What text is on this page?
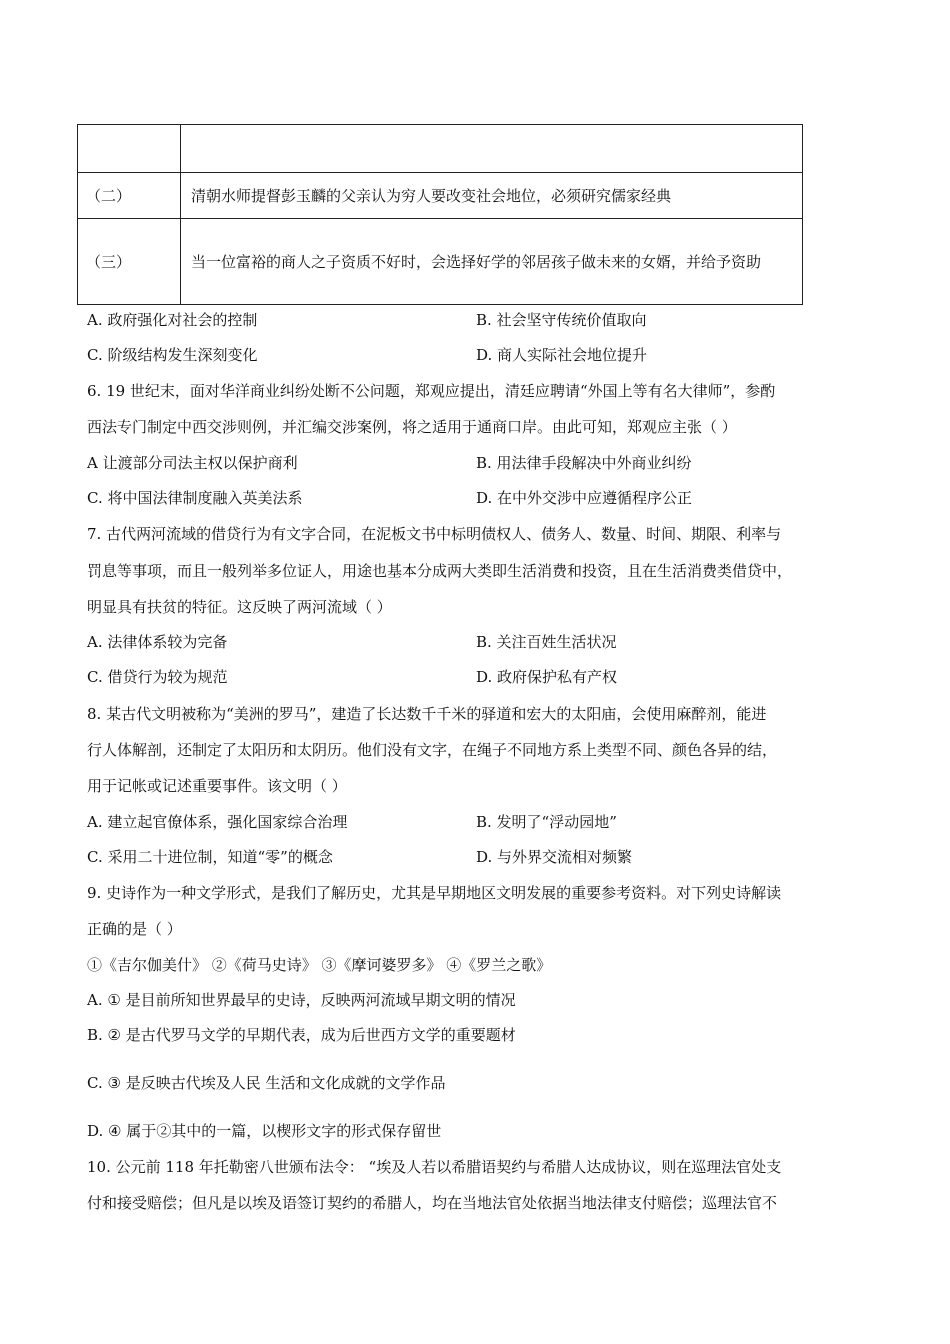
（二）	清朝水师提督彭玉麟的父亲认为穷人要改变社会地位，必须研究儒家经典
（三）	当一位富裕的商人之子资质不好时，会选择好学的邻居孩子做未来的女婿，并给予资助
A. 政府强化对社会的控制	B. 社会坚守传统价值取向
C. 阶级结构发生深刻变化	D. 商人实际社会地位提升
6. 19 世纪末，面对华洋商业纠纷处断不公问题，郑观应提出，清廷应聘请“外国上等有名大律师”，参酌
西法专门制定中西交涉则例，并汇编交涉案例，将之适用于通商口岸。由此可知，郑观应主张（ ）
A 让渡部分司法主权以保护商利	B. 用法律手段解决中外商业纠纷
C. 将中国法律制度融入英美法系	D. 在中外交涉中应遵循程序公正
7. 古代两河流域的借贷行为有文字合同，在泥板文书中标明债权人、债务人、数量、时间、期限、利率与
罚息等事项，而且一般列举多位证人，用途也基本分成两大类即生活消费和投资，且在生活消费类借贷中，
明显具有扶贫的特征。这反映了两河流域（ ）
A. 法律体系较为完备	B. 关注百姓生活状况
C. 借贷行为较为规范	D. 政府保护私有产权
8. 某古代文明被称为“美洲的罗马”，建造了长达数千千米的驿道和宏大的太阳庙，会使用麻醉剂，能进
行人体解剖，还制定了太阳历和太阴历。他们没有文字，在绳子不同地方系上类型不同、颜色各异的结，
用于记帐或记述重要事件。该文明（ ）
A. 建立起官僚体系，强化国家综合治理	B. 发明了“浮动园地”
C. 采用二十进位制，知道“零”的概念	D. 与外界交流相对频繁
9. 史诗作为一种文学形式，是我们了解历史，尤其是早期地区文明发展的重要参考资料。对下列史诗解读
正确的是（ ）
①《吉尔伽美什》 ②《荷马史诗》 ③《摩诃婆罗多》 ④《罗兰之歌》
A. ① 是目前所知世界最早的史诗，反映两河流域早期文明的情况
B. ② 是古代罗马文学的早期代表，成为后世西方文学的重要题材
C. ③ 是反映古代埃及人民 生活和文化成就的文学作品
D. ④ 属于②其中的一篇，以楔形文字的形式保存留世
10. 公元前 118 年托勒密八世颁布法令： “埃及人若以希腊语契约与希腊人达成协议，则在巡理法官处支
付和接受赔偿；但凡是以埃及语签订契约的希腊人，均在当地法官处依据当地法律支付赔偿；巡理法官不
